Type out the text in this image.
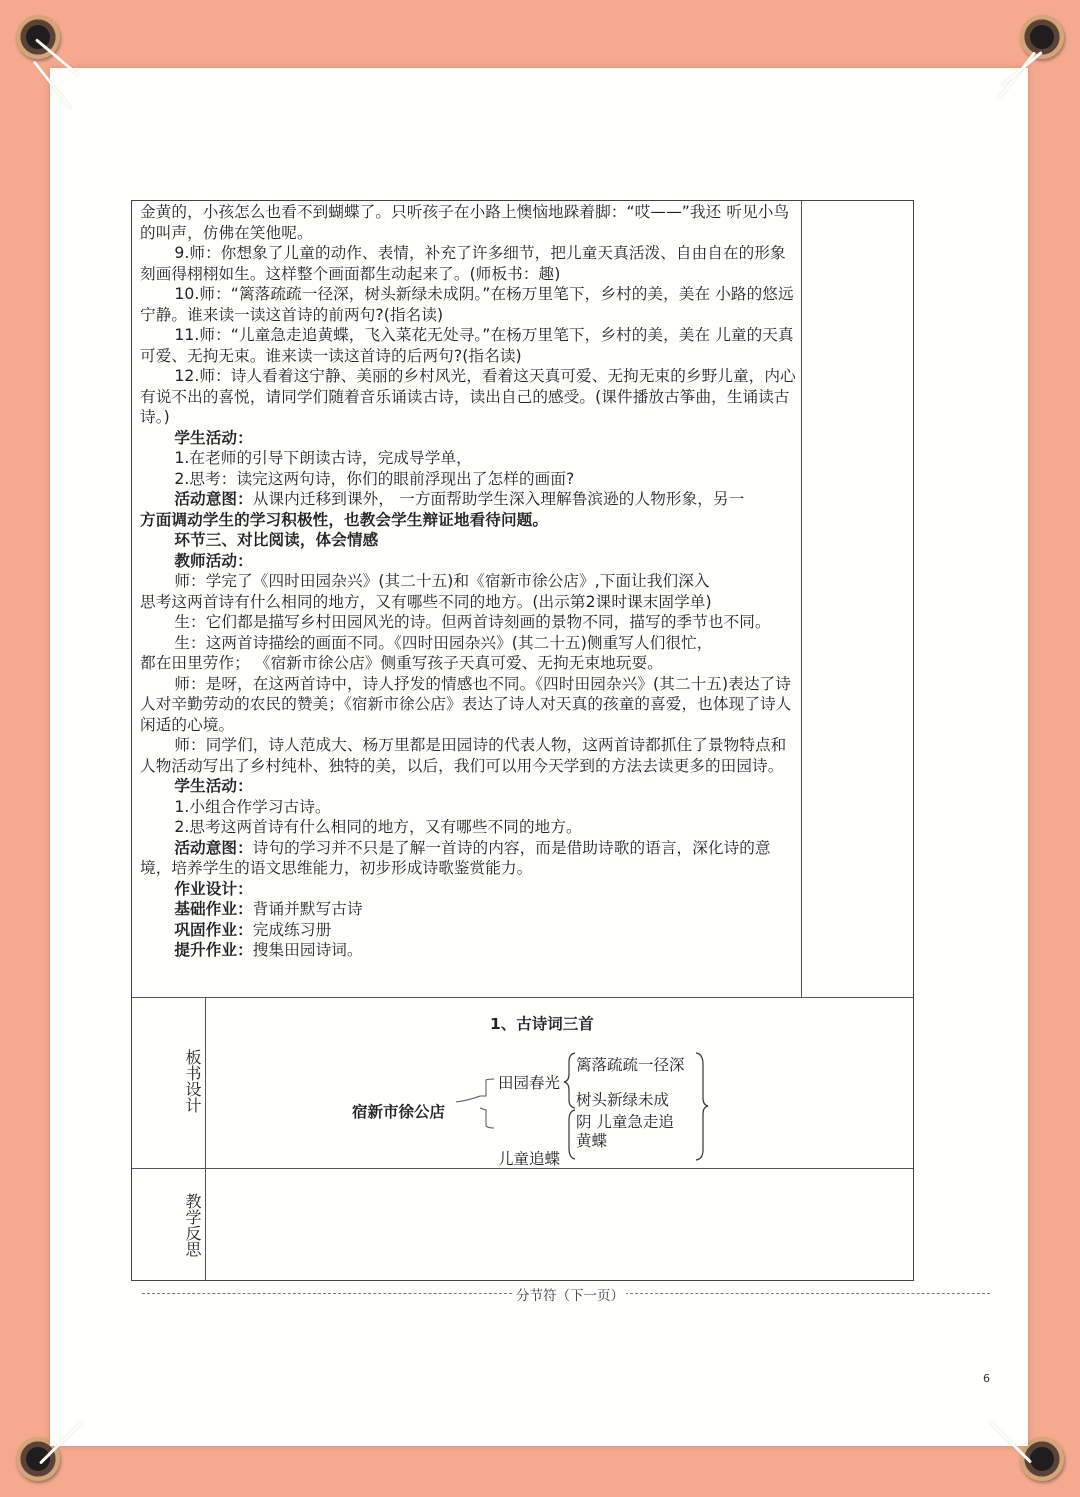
金黄的，小孩怎么也看不到蝴蝶了。只听孩子在小路上懊恼地跺着脚：“哎——”我还 听见小鸟的叫声，仿佛在笑他呢。

9.师：你想象了儿童的动作、表情，补充了许多细节，把儿童天真活泼、自由自在的形象刻画得栩栩如生。这样整个画面都生动起来了。(师板书：趣)

10.师：“篱落疏疏一径深，树头新绿未成阴。”在杨万里笔下，乡村的美，美在 小路的悠远宁静。谁来读一读这首诗的前两句?(指名读)

11.师：“儿童急走追黄蝶，飞入菜花无处寻。”在杨万里笔下，乡村的美，美在 儿童的天真可爱、无拘无束。谁来读一读这首诗的后两句?(指名读)

12.师：诗人看着这宁静、美丽的乡村风光，看着这天真可爱、无拘无束的乡野儿童，内心有说不出的喜悦，请同学们随着音乐诵读古诗，读出自己的感受。(课件播放古筝曲，生诵读古诗。)

学生活动：

1.在老师的引导下朗读古诗，完成导学单，

2.思考：读完这两句诗，你们的眼前浮现出了怎样的画面?

活动意图：从课内迁移到课外， 一方面帮助学生深入理解鲁滨逊的人物形象，另一

方面调动学生的学习积极性，也教会学生辩证地看待问题。

环节三、对比阅读，体会情感

教师活动：

师：学完了《四时田园杂兴》(其二十五)和《宿新市徐公店》,下面让我们深入

思考这两首诗有什么相同的地方，又有哪些不同的地方。(出示第2课时课末固学单)

生：它们都是描写乡村田园风光的诗。但两首诗刻画的景物不同，描写的季节也不同。

生：这两首诗描绘的画面不同。《四时田园杂兴》(其二十五)侧重写人们很忙，

都在田里劳作； 《宿新市徐公店》侧重写孩子天真可爱、无拘无束地玩耍。

师：是呀，在这两首诗中，诗人抒发的情感也不同。《四时田园杂兴》(其二十五)表达了诗人对辛勤劳动的农民的赞美；《宿新市徐公店》表达了诗人对天真的孩童的喜爱，也体现了诗人闲适的心境。

师：同学们，诗人范成大、杨万里都是田园诗的代表人物，这两首诗都抓住了景物特点和人物活动写出了乡村纯朴、独特的美，以后，我们可以用今天学到的方法去读更多的田园诗。

学生活动：

1.小组合作学习古诗。

2.思考这两首诗有什么相同的地方，又有哪些不同的地方。

活动意图：诗句的学习并不只是了解一首诗的内容，而是借助诗歌的语言，深化诗的意境，培养学生的语文思维能力，初步形成诗歌鉴赏能力。

作业设计：

基础作业：背诵并默写古诗

巩固作业：完成练习册

提升作业：搜集田园诗词。

板书设计
1、古诗词三首
宿新市徐公店
田园春光
儿童追蝶
篱落疏疏一径深
树头新绿未成
阴 儿童急走追
黄蝶
教学反思
分节符（下一页）
6
